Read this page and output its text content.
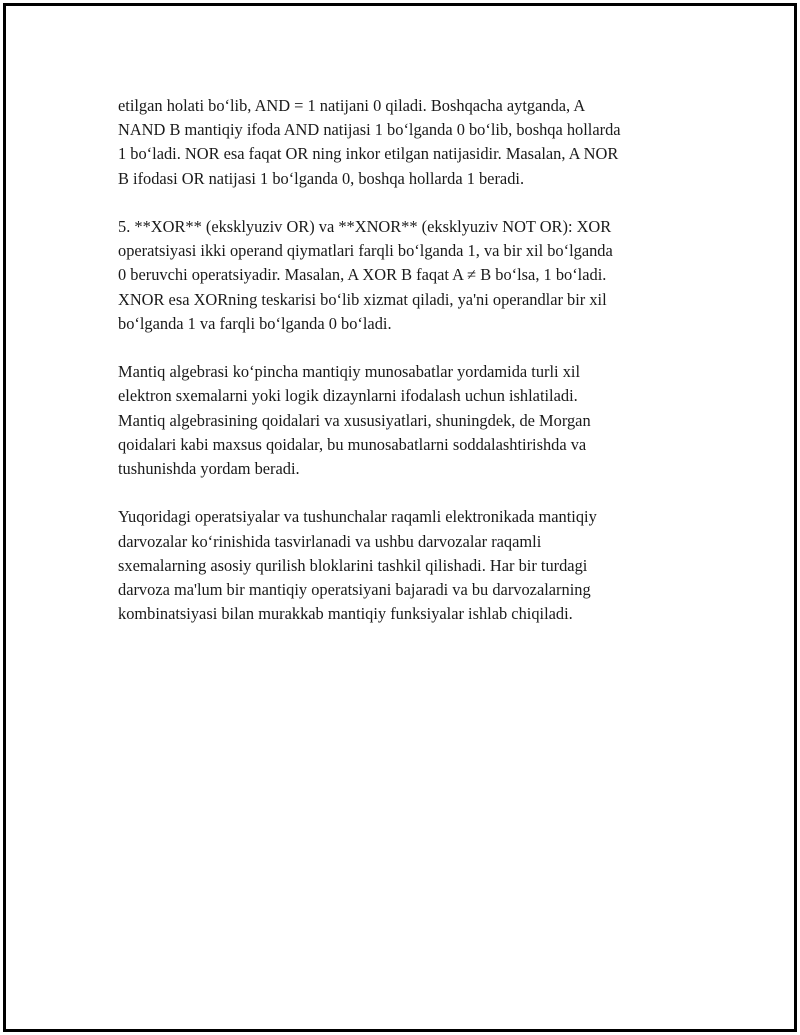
etilgan holati bo‘lib, AND = 1 natijani 0 qiladi. Boshqacha aytganda, A
NAND B mantiqiy ifoda AND natijasi 1 bo‘lganda 0 bo‘lib, boshqa hollarda
1 bo‘ladi. NOR esa faqat OR ning inkor etilgan natijasidir. Masalan, A NOR
B ifodasi OR natijasi 1 bo‘lganda 0, boshqa hollarda 1 beradi.

5. **XOR** (eksklyuziv OR) va **XNOR** (eksklyuziv NOT OR): XOR
operatsiyasi ikki operand qiymatlari farqli bo‘lganda 1, va bir xil bo‘lganda
0 beruvchi operatsiyadir. Masalan, A XOR B faqat A ≠ B bo‘lsa, 1 bo‘ladi.
XNOR esa XORning teskarisi bo‘lib xizmat qiladi, ya'ni operandlar bir xil
bo‘lganda 1 va farqli bo‘lganda 0 bo‘ladi.

Mantiq algebrasi ko‘pincha mantiqiy munosabatlar yordamida turli xil
elektron sxemalarni yoki logik dizaynlarni ifodalash uchun ishlatiladi.
Mantiq algebrasining qoidalari va xususiyatlari, shuningdek, de Morgan
qoidalari kabi maxsus qoidalar, bu munosabatlarni soddalashtirishda va
tushunishda yordam beradi.

Yuqoridagi operatsiyalar va tushunchalar raqamli elektronikada mantiqiy
darvozalar ko‘rinishida tasvirlanadi va ushbu darvozalar raqamli
sxemalarning asosiy qurilish bloklarini tashkil qilishadi. Har bir turdagi
darvoza ma'lum bir mantiqiy operatsiyani bajaradi va bu darvozalarning
kombinatsiyasi bilan murakkab mantiqiy funksiyalar ishlab chiqiladi.
